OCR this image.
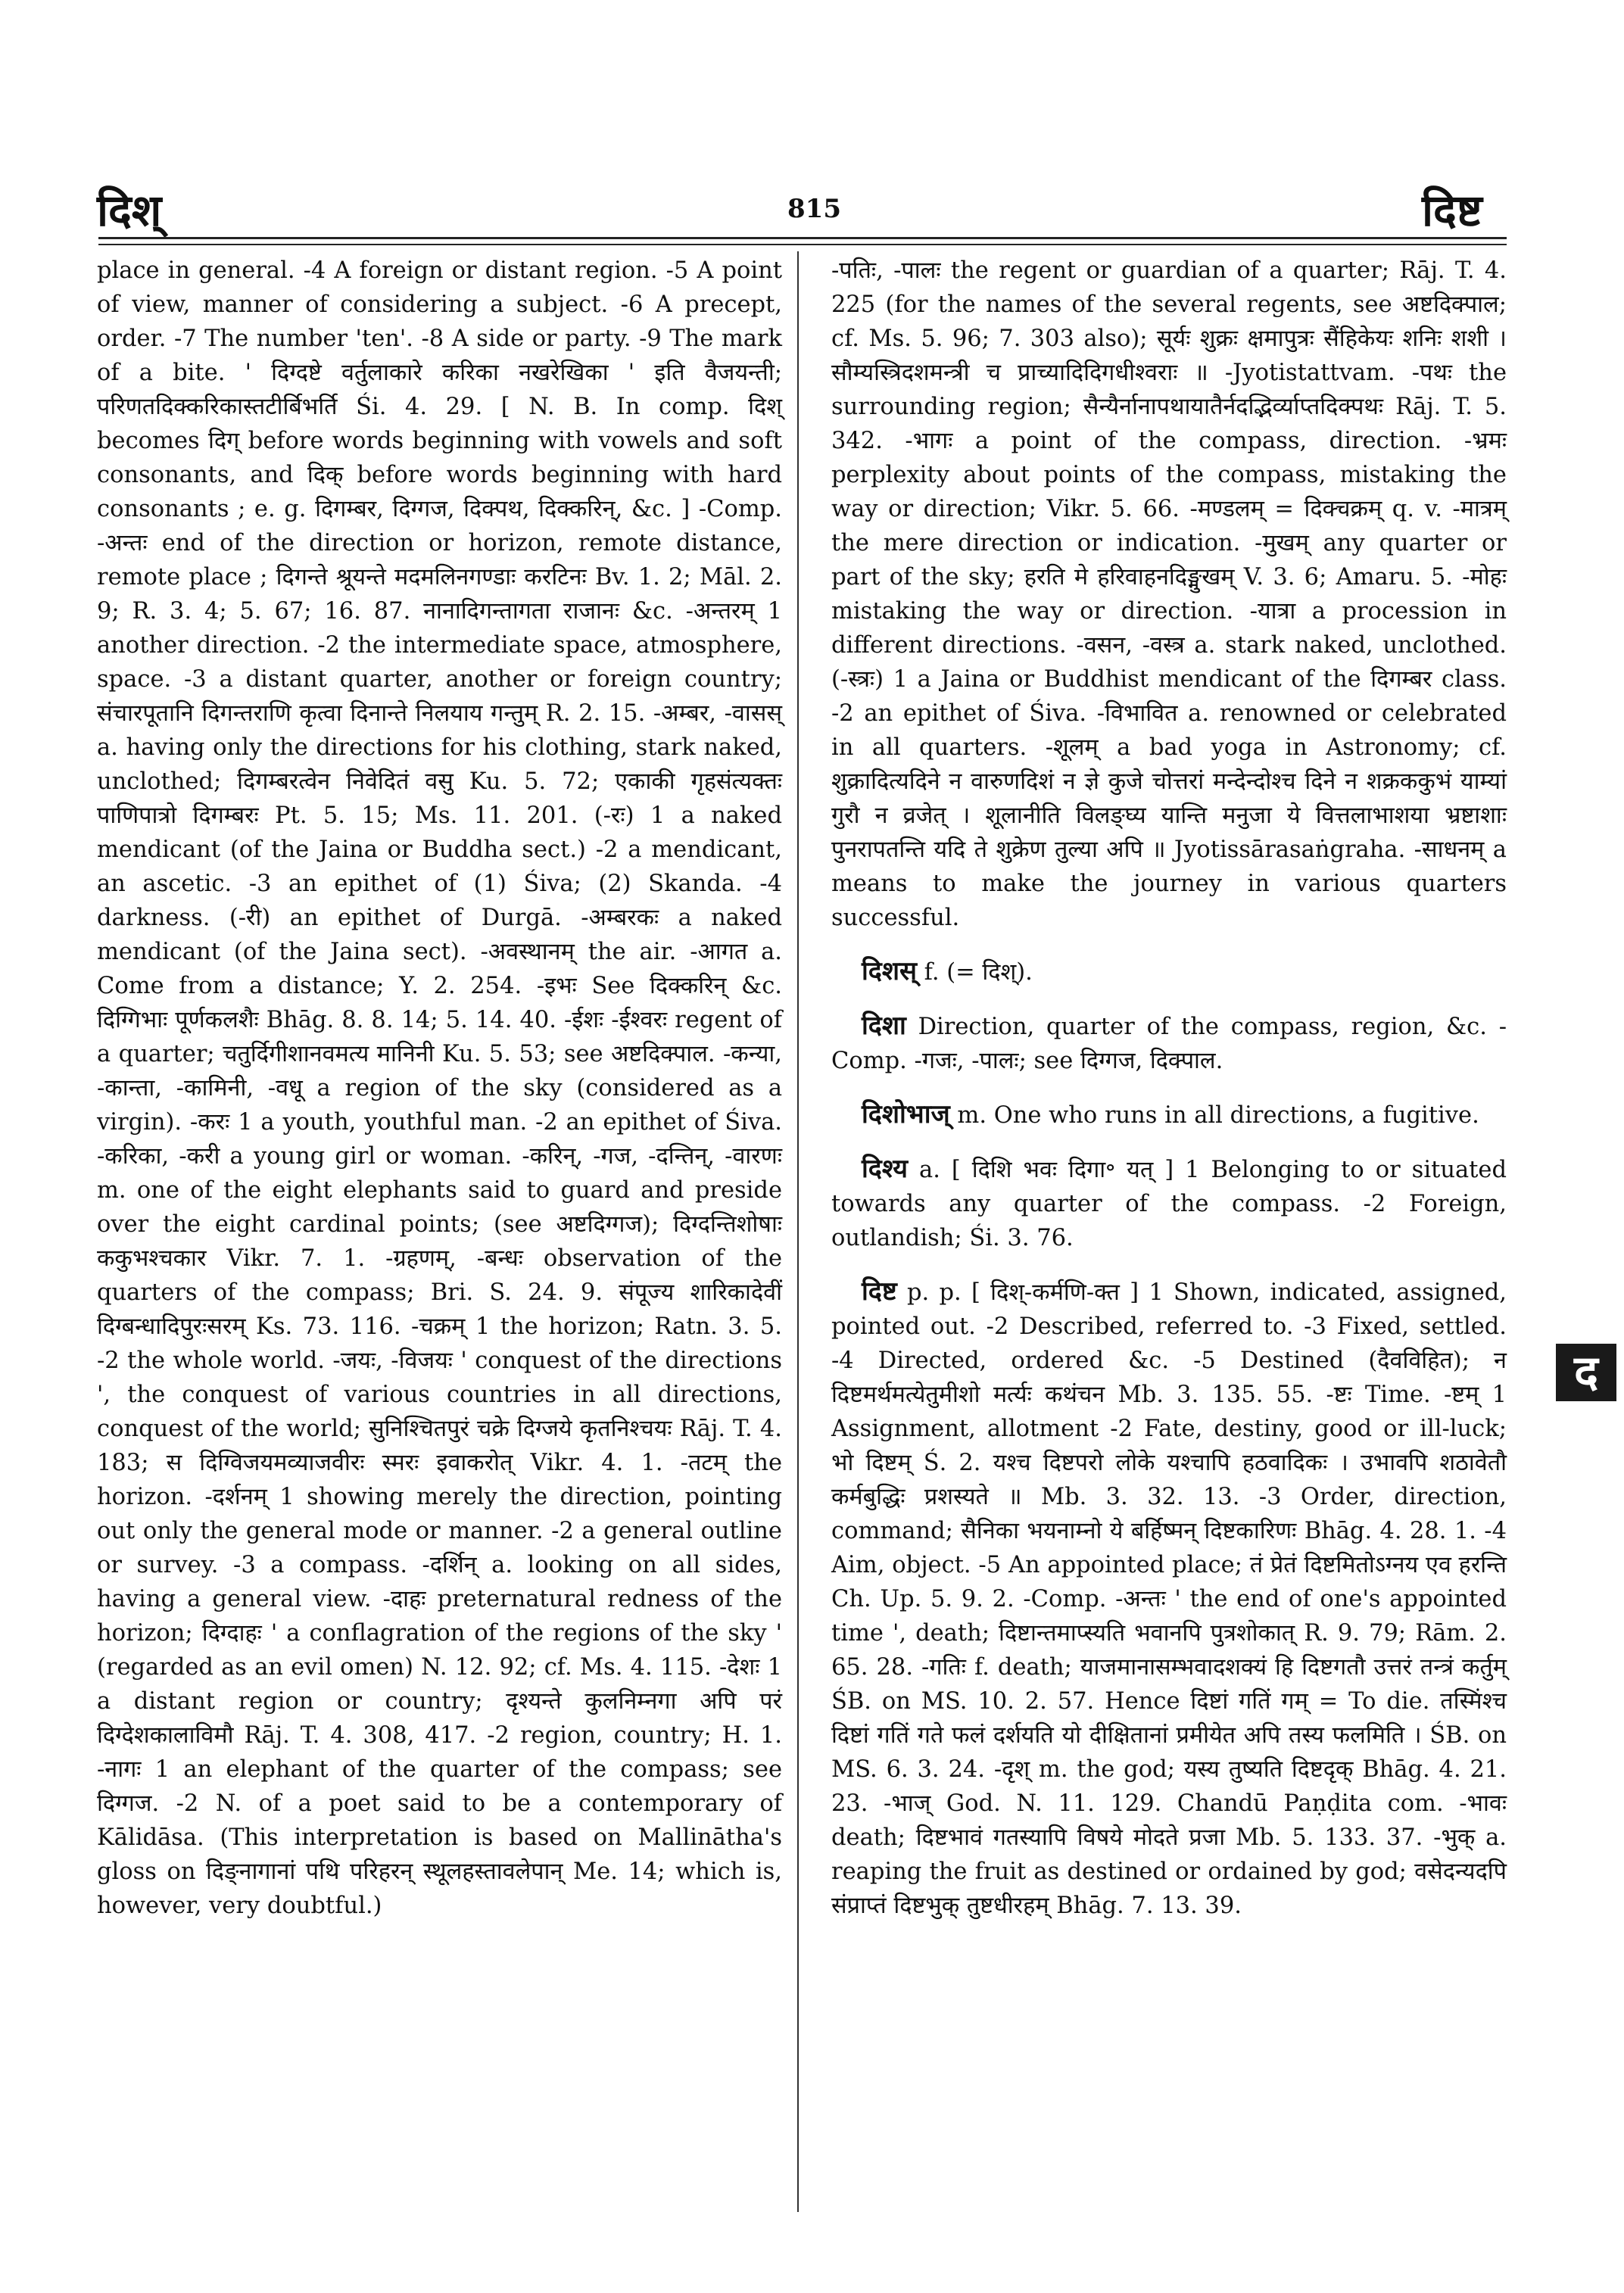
दिश्	815	दिष्ट

place in general. -4 A foreign or distant region. -5 A point of view, manner of considering a subject. -6 A precept, order. -7 The number 'ten'. -8 A side or party. -9 The mark of a bite. ' दिग्दष्टे वर्तुलाकारे करिका नखरेखिका ' इति वैजयन्ती; परिणतदिक्करिकास्तटीर्बिभर्ति Śi. 4. 29. [ N. B. In comp. दिश् becomes दिग् before words beginning with vowels and soft consonants, and दिक् before words beginning with hard consonants ; e. g. दिगम्बर, दिग्गज, दिक्पथ, दिक्करिन्, &c. ] -Comp. -अन्तः end of the direction or horizon, remote distance, remote place ; दिगन्ते श्रूयन्ते मदमलिनगण्डाः करटिनः Bv. 1. 2; Māl. 2. 9; R. 3. 4; 5. 67; 16. 87. नानादिगन्तागता राजानः &c. -अन्तरम् 1 another direction. -2 the intermediate space, atmosphere, space. -3 a distant quarter, another or foreign country; संचारपूतानि दिगन्तराणि कृत्वा दिनान्ते निलयाय गन्तुम् R. 2. 15. -अम्बर, -वासस् a. having only the directions for his clothing, stark naked, unclothed; दिगम्बरत्वेन निवेदितं वसु Ku. 5. 72; एकाकी गृहसंत्यक्तः पाणिपात्रो दिगम्बरः Pt. 5. 15; Ms. 11. 201. (-रः) 1 a naked mendicant (of the Jaina or Buddha sect.) -2 a mendicant, an ascetic. -3 an epithet of (1) Śiva; (2) Skanda. -4 darkness. (-री) an epithet of Durgā. -अम्बरकः a naked mendicant (of the Jaina sect). -अवस्थानम् the air. -आगत a. Come from a distance; Y. 2. 254. -इभः See दिक्करिन् &c. दिग्गिभाः पूर्णकलशैः Bhāg. 8. 8. 14; 5. 14. 40. -ईशः -ईश्वरः regent of a quarter; चतुर्दिगीशानवमत्य मानिनी Ku. 5. 53; see अष्टदिक्पाल. -कन्या, -कान्ता, -कामिनी, -वधू a region of the sky (considered as a virgin). -करः 1 a youth, youthful man. -2 an epithet of Śiva. -करिका, -करी a young girl or woman. -करिन्, -गज, -दन्तिन्, -वारणः m. one of the eight elephants said to guard and preside over the eight cardinal points; (see अष्टदिग्गज); दिग्दन्तिशोषाः ककुभश्चकार Vikr. 7. 1. -ग्रहणम्, -बन्धः observation of the quarters of the compass; Bri. S. 24. 9. संपूज्य शारिकादेवीं दिग्बन्धादिपुरःसरम् Ks. 73. 116. -चक्रम् 1 the horizon; Ratn. 3. 5. -2 the whole world. -जयः, -विजयः ' conquest of the directions ', the conquest of various countries in all directions, conquest of the world; सुनिश्चितपुरं चक्रे दिग्जये कृतनिश्चयः Rāj. T. 4. 183; स दिग्विजयमव्याजवीरः स्मरः इवाकरोत् Vikr. 4. 1. -तटम् the horizon. -दर्शनम् 1 showing merely the direction, pointing out only the general mode or manner. -2 a general outline or survey. -3 a compass. -दर्शिन् a. looking on all sides, having a general view. -दाहः preternatural redness of the horizon; दिग्दाहः ' a conflagration of the regions of the sky ' (regarded as an evil omen) N. 12. 92; cf. Ms. 4. 115. -देशः 1 a distant region or country; दृश्यन्ते कुलनिम्नगा अपि परं दिग्देशकालाविमौ Rāj. T. 4. 308, 417. -2 region, country; H. 1. -नागः 1 an elephant of the quarter of the compass; see दिग्गज. -2 N. of a poet said to be a contemporary of Kālidāsa. (This interpretation is based on Mallinātha's gloss on दिङ्नागानां पथि परिहरन् स्थूलहस्तावलेपान् Me. 14; which is, however, very doubtful.)

-पतिः, -पालः the regent or guardian of a quarter; Rāj. T. 4. 225 (for the names of the several regents, see अष्टदिक्पाल; cf. Ms. 5. 96; 7. 303 also); सूर्यः शुक्रः क्षमापुत्रः सैंहिकेयः शनिः शशी । सौम्यस्त्रिदशमन्त्री च प्राच्यादिदिगधीश्वराः ॥ -Jyotistattvam. -पथः the surrounding region; सैन्यैर्नानापथायातैर्नदद्भिर्व्याप्तदिक्पथः Rāj. T. 5. 342. -भागः a point of the compass, direction. -भ्रमः perplexity about points of the compass, mistaking the way or direction; Vikr. 5. 66. -मण्डलम् = दिक्चक्रम् q. v. -मात्रम् the mere direction or indication. -मुखम् any quarter or part of the sky; हरति मे हरिवाहनदिङ्मुखम् V. 3. 6; Amaru. 5. -मोहः mistaking the way or direction. -यात्रा a procession in different directions. -वसन, -वस्त्र a. stark naked, unclothed. (-स्त्रः) 1 a Jaina or Buddhist mendicant of the दिगम्बर class. -2 an epithet of Śiva. -विभावित a. renowned or celebrated in all quarters. -शूलम् a bad yoga in Astronomy; cf. शुक्रादित्यदिने न वारुणदिशं न ज्ञे कुजे चोत्तरां मन्देन्दोश्च दिने न शक्रककुभं याम्यां गुरौ न व्रजेत् । शूलानीति विलङ्घ्य यान्ति मनुजा ये वित्तलाभाशया भ्रष्टाशाः पुनरापतन्ति यदि ते शुक्रेण तुल्या अपि ॥ Jyotissārasaṅgraha. -साधनम् a means to make the journey in various quarters successful.

दिशस् f. (= दिश्).

दिशा Direction, quarter of the compass, region, &c. -Comp. -गजः, -पालः; see दिग्गज, दिक्पाल.

दिशोभाज् m. One who runs in all directions, a fugitive.

दिश्य a. [ दिशि भवः दिगा॰ यत् ] 1 Belonging to or situated towards any quarter of the compass. -2 Foreign, outlandish; Śi. 3. 76.

दिष्ट p. p. [ दिश्-कर्मणि-क्त ] 1 Shown, indicated, assigned, pointed out. -2 Described, referred to. -3 Fixed, settled. -4 Directed, ordered &c. -5 Destined (दैवविहित); न दिष्टमर्थमत्येतुमीशो मर्त्यः कथंचन Mb. 3. 135. 55. -ष्टः Time. -ष्टम् 1 Assignment, allotment -2 Fate, destiny, good or ill-luck; भो दिष्टम् Ś. 2. यश्च दिष्टपरो लोके यश्चापि हठवादिकः । उभावपि शठावेतौ कर्मबुद्धिः प्रशस्यते ॥ Mb. 3. 32. 13. -3 Order, direction, command; सैनिका भयनाम्नो ये बर्हिष्मन् दिष्टकारिणः Bhāg. 4. 28. 1. -4 Aim, object. -5 An appointed place; तं प्रेतं दिष्टमितोऽग्नय एव हरन्ति Ch. Up. 5. 9. 2. -Comp. -अन्तः ' the end of one's appointed time ', death; दिष्टान्तमाप्स्यति भवानपि पुत्रशोकात् R. 9. 79; Rām. 2. 65. 28. -गतिः f. death; याजमानासम्भवादशक्यं हि दिष्टगतौ उत्तरं तन्त्रं कर्तुम् ŚB. on MS. 10. 2. 57. Hence दिष्टां गतिं गम् = To die. तस्मिंश्च दिष्टां गतिं गते फलं दर्शयति यो दीक्षितानां प्रमीयेत अपि तस्य फलमिति । ŚB. on MS. 6. 3. 24. -दृश् m. the god; यस्य तुष्यति दिष्टदृक् Bhāg. 4. 21. 23. -भाज् God. N. 11. 129. Chandū Paṇḍita com. -भावः death; दिष्टभावं गतस्यापि विषये मोदते प्रजा Mb. 5. 133. 37. -भुक् a. reaping the fruit as destined or ordained by god; वसेदन्यदपि संप्राप्तं दिष्टभुक् तुष्टधीरहम् Bhāg. 7. 13. 39.

द
